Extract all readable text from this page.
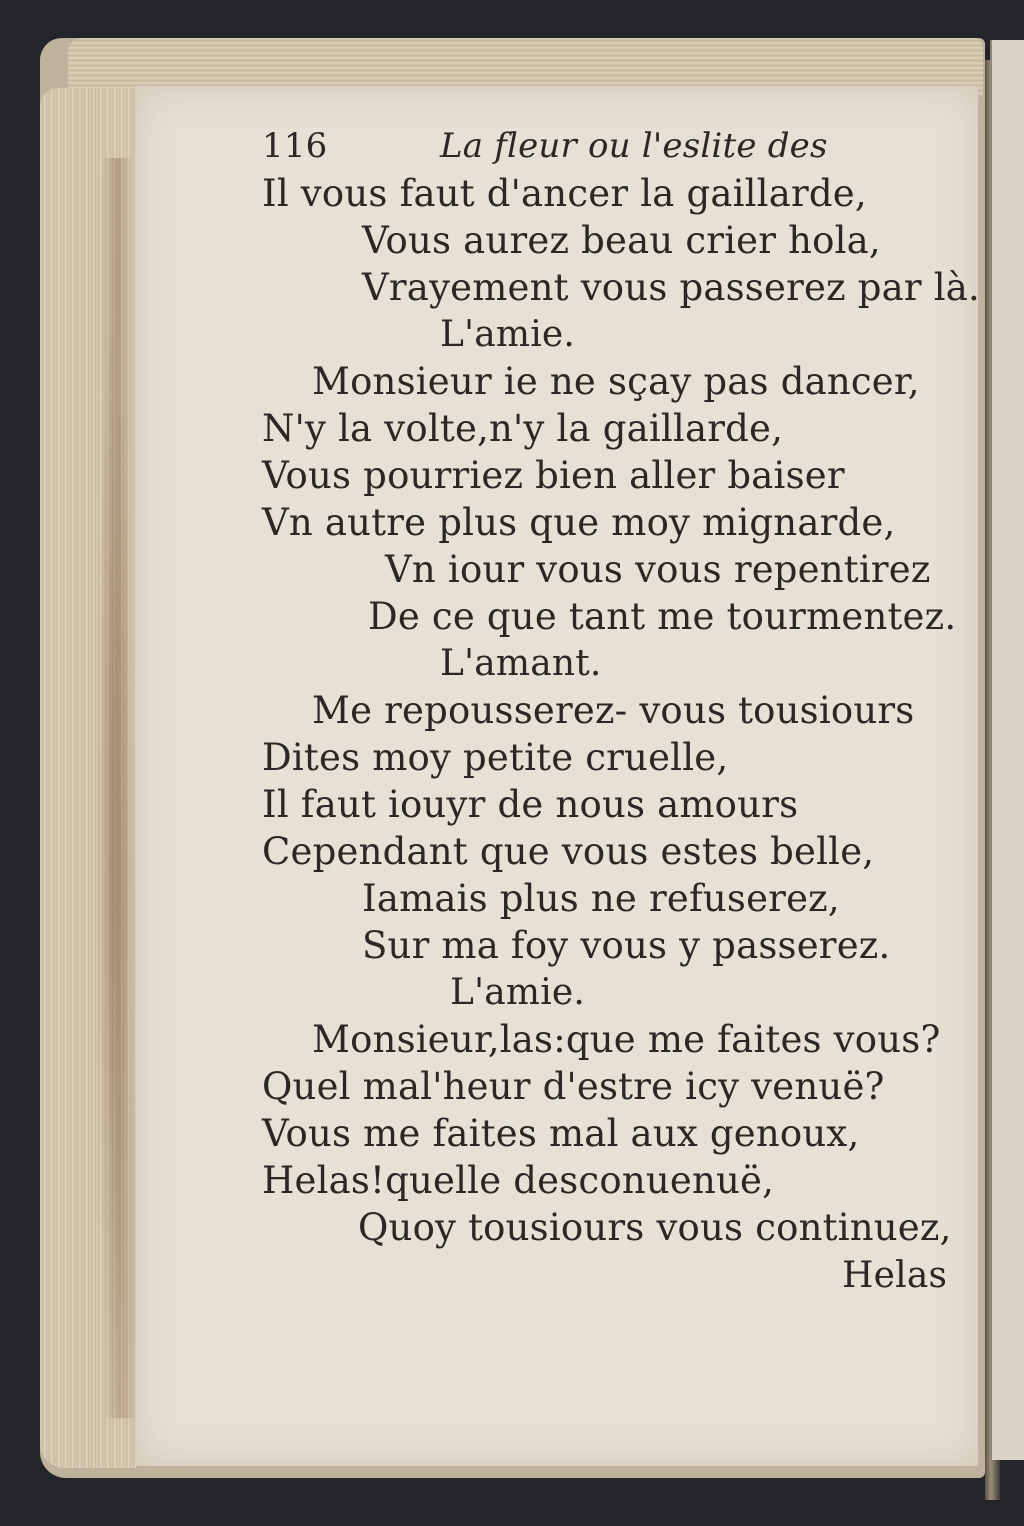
116	La fleur ou l'eslite des
Il vous faut d'ancer la gaillarde,
Vous aurez beau crier hola,
Vrayement vous passerez par là.
L'amie.
Monsieur ie ne sçay pas dancer,
N'y la volte,n'y la gaillarde,
Vous pourriez bien aller baiser
Vn autre plus que moy mignarde,
Vn iour vous vous repentirez
De ce que tant me tourmentez.
L'amant.
Me repousserez- vous tousiours
Dites moy petite cruelle,
Il faut iouyr de nous amours
Cependant que vous estes belle,
Iamais plus ne refuserez,
Sur ma foy vous y passerez.
L'amie.
Monsieur,las:que me faites vous?
Quel mal'heur d'estre icy venuë?
Vous me faites mal aux genoux,
Helas!quelle desconuenuë,
Quoy tousiours vous continuez,
Helas
